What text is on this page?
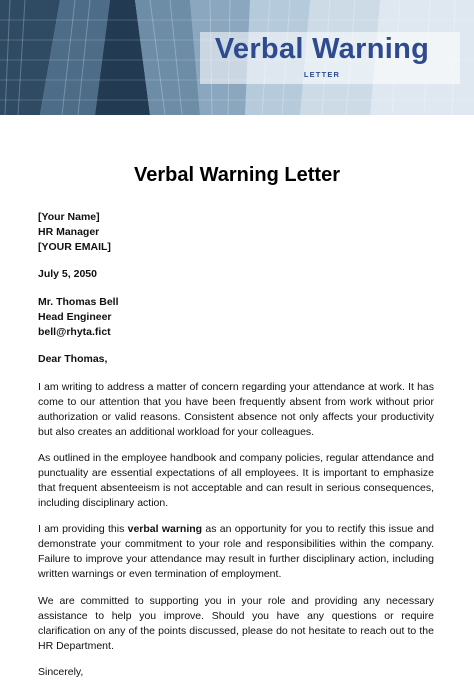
Verbal Warning
LETTER
Verbal Warning Letter
[Your Name]
HR Manager
[YOUR EMAIL]
July 5, 2050
Mr. Thomas Bell
Head Engineer
bell@rhyta.fict
Dear Thomas,
I am writing to address a matter of concern regarding your attendance at work. It has come to our attention that you have been frequently absent from work without prior authorization or valid reasons. Consistent absence not only affects your productivity but also creates an additional workload for your colleagues.
As outlined in the employee handbook and company policies, regular attendance and punctuality are essential expectations of all employees. It is important to emphasize that frequent absenteeism is not acceptable and can result in serious consequences, including disciplinary action.
I am providing this verbal warning as an opportunity for you to rectify this issue and demonstrate your commitment to your role and responsibilities within the company. Failure to improve your attendance may result in further disciplinary action, including written warnings or even termination of employment.
We are committed to supporting you in your role and providing any necessary assistance to help you improve. Should you have any questions or require clarification on any of the points discussed, please do not hesitate to reach out to the HR Department.
Sincerely,
